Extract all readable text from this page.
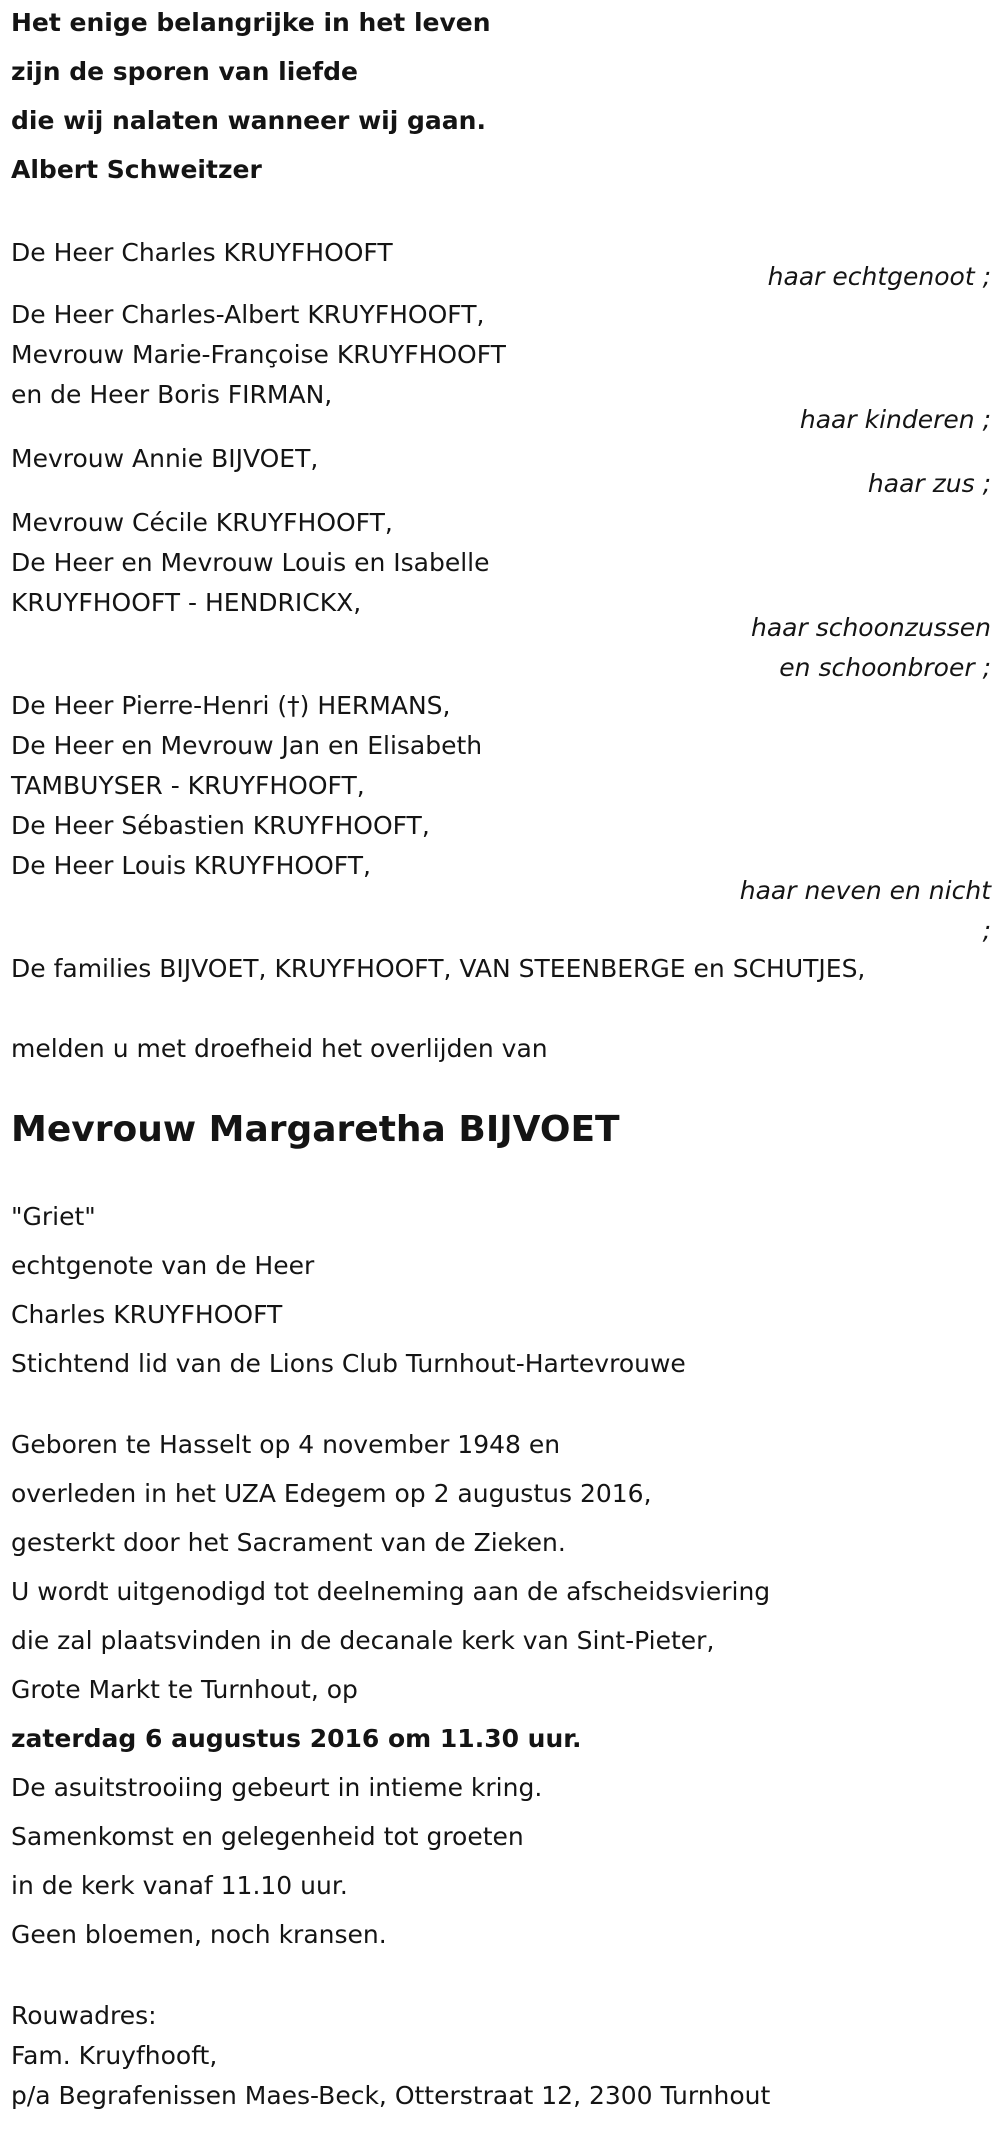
Het enige belangrijke in het leven
zijn de sporen van liefde
die wij nalaten wanneer wij gaan.
Albert Schweitzer
De Heer Charles KRUYFHOOFT
haar echtgenoot ;
De Heer Charles-Albert KRUYFHOOFT,
Mevrouw Marie-Françoise KRUYFHOOFT
en de Heer Boris FIRMAN,
haar kinderen ;
Mevrouw Annie BIJVOET,
haar zus ;
Mevrouw Cécile KRUYFHOOFT,
De Heer en Mevrouw Louis en Isabelle
KRUYFHOOFT - HENDRICKX,
haar schoonzussen
en schoonbroer ;
De Heer Pierre-Henri (†) HERMANS,
De Heer en Mevrouw Jan en Elisabeth
TAMBUYSER - KRUYFHOOFT,
De Heer Sébastien KRUYFHOOFT,
De Heer Louis KRUYFHOOFT,
haar neven en nicht
;
De families BIJVOET, KRUYFHOOFT, VAN STEENBERGE en SCHUTJES,
melden u met droefheid het overlijden van
Mevrouw Margaretha BIJVOET
"Griet"
echtgenote van de Heer
Charles KRUYFHOOFT
Stichtend lid van de Lions Club Turnhout-Hartevrouwe
Geboren te Hasselt op 4 november 1948 en
overleden in het UZA Edegem op 2 augustus 2016,
gesterkt door het Sacrament van de Zieken.
U wordt uitgenodigd tot deelneming aan de afscheidsviering
die zal plaatsvinden in de decanale kerk van Sint-Pieter,
Grote Markt te Turnhout, op
zaterdag 6 augustus 2016 om 11.30 uur.
De asuitstrooiing gebeurt in intieme kring.
Samenkomst en gelegenheid tot groeten
in de kerk vanaf 11.10 uur.
Geen bloemen, noch kransen.
Rouwadres:
Fam. Kruyfhooft,
p/a Begrafenissen Maes-Beck, Otterstraat 12, 2300 Turnhout
